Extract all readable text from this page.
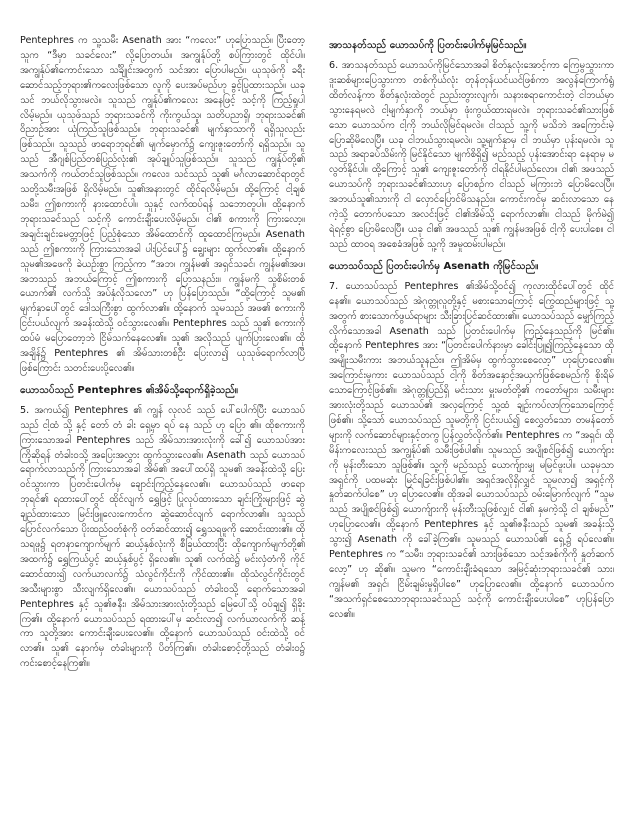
Pentephres က သူ့သမီး Asenath အား “ကလေး” ဟုပြောသည်။ ပြီးတော့ သူက “ဒီမှာ သခင်လေး” လို့ပြောတယ်။ အကျွန်ုပ်တို့ စပ်ကြားတွင် ထိုင်ပါ။ အကျွန်ုပ်၏ကောင်းသော သင်္ချိုင်းအတွက် သင်အား ပြောပါမည်။ ယုသုဖ်ကို ခရီးဆောင်သည့်ဘုရား၏ကလေးဖြစ်သော လူကို ပေးအပ်မည်ဟု ခွင့်ပြုထားသည်။ ယခု သင် ဘယ်လိုသွားမလဲ။ သူသည် ကျွန်ုပ်၏ကလေး အနေဖြင့် သင့်ကို ကြည့်ရှုပါလိမ့်မည်။ ယုသုဖ်သည် ဘုရားသခင်ကို ကိုးကွယ်သူ၊ သတိပညာရှိ၊ ဘုရားသခင်၏ ဝိညာဉ်အား ယုံကြည်သူဖြစ်သည်။ ဘုရားသခင်၏ မျက်နှာသာကို ရရှိသူလည်းဖြစ်သည်။ သူသည် ဖာရောဘုရင်၏ မျက်မှောက်၌ ကျေးဇူးတော်ကို ရရှိသည်။ သူသည် အီဂျစ်ပြည်တစ်ပြည်လုံး၏ အုပ်ချုပ်သူဖြစ်သည်။ သူသည် ကျွန်ုပ်တို့၏ အသက်ကို ကယ်တင်သူဖြစ်သည်။ ကလေး၊ သင်သည် သူ၏ မင်္ဂလာဆောင်ရာတွင် သတို့သမီးအဖြစ် ရှိလိမ့်မည်။ သူ၏အနားတွင် ထိုင်ရလိမ့်မည်။ ထို့ကြောင့် ငါ့ချစ်သမီး၊ ဤစကားကို နားထောင်ပါ။ သူနှင့် လက်ထပ်ရန် သဘောတူပါ။ ထို့နောက် ဘုရားသခင်သည် သင့်ကို ကောင်းချီးပေးလိမ့်မည်။ ငါ၏ စကားကို ကြားလော့။ အချင်းချင်းမေတ္တာဖြင့် ပြည့်စုံသော အိမ်ထောင်ကို ထူထောင်ကြမည်။ Asenath သည် ဤစကားကို ကြားသောအခါ ပါးပြင်ပေါ်၌ ချွေးများ ထွက်လာ၏။ ထို့နောက် သူမ၏အဖေကို ခဲယဉ်းစွာ ကြည့်ကာ “အဘ၊ ကျွန်မ၏ အရှင်သခင်၊ ကျွန်မ၏အဖ၊ အဘသည် အဘယ်ကြောင့် ဤစကားကို ပြောသနည်း။ ကျွန်မကို သူစိမ်းတစ်ယောက်၏ လက်သို့ အပ်နှံလိုသလော” ဟု ပြန်ပြောသည်။ “ထို့ကြောင့် သူမ၏ မျက်နှာပေါ်တွင် ဒေါသကြီးစွာ ထွက်လာ၏။ ထို့နောက် သူမသည် အဖ၏ စကားကို ငြင်းပယ်လျက် အခန်းထဲသို့ ဝင်သွားလေ၏။ Pentephres သည် သူ၏ စကားကို ထပ်မံ မပြောတော့ဘဲ ငြိမ်သက်နေလေ၏။ သူ၏ အလိုသည် ပျက်ပြားလေ၏။ ထိုအချိန်၌ Pentephres ၏ အိမ်သားတစ်ဦး ပြေးလာ၍ ယုသုဖ်ရောက်လာပြီဖြစ်ကြောင်း သတင်းပေးပို့လေ၏။

ယောသပ်သည် Pentephres ၏အိမ်သို့ရောက်ရှိခဲ့သည်။

5. အကယ်၍ Pentephres ၏ ကျွန် လုလင် သည် ပေါ်ပေါက်ပြီး ယောသပ် သည် ငါ့ထံ သို့ နှင့် တော် တံ ခါး ရှေ့မှာ ရပ် နေ သည် ဟု ပြော ၏။ ထိုစကားကို ကြားသောအခါ Pentephres သည် အိမ်သားအားလုံးကို ခေါ်၍ ယောသပ်အား ကြိုဆိုရန် တံခါးဝသို့ အပြေးအလွှား ထွက်သွားလေ၏။ Asenath သည် ယောသပ် ရောက်လာသည်ကို ကြားသောအခါ အိမ်၏ အပေါ်ထပ်ရှိ သူမ၏ အခန်းထဲသို့ ပြေးဝင်သွားကာ ပြတင်းပေါက်မှ ချောင်းကြည့်နေလေ၏။ ယောသပ်သည် ဖာရောဘုရင်၏ ရထားပေါ်တွင် ထိုင်လျက် ရွှေဖြင့် ပြုလုပ်ထားသော ချင်းကြိုးများဖြင့် ဆွဲချည်ထားသော မြင်းဖြူလေးကောင်က ဆွဲဆောင်လျက် ရောက်လာ၏။ သူသည် ပြောင်လက်သော ပိုးထည်ဝတ်စုံကို ဝတ်ဆင်ထား၍ ရွှေသရဖူကို ဆောင်းထား၏။ ထိုသရဖူ၌ ရတနာကျောက်မျက် ဆယ့်နှစ်လုံးကို စီခြယ်ထားပြီး ထိုကျောက်မျက်တို့၏ အထက်၌ ရွှေကြယ်ပွင့် ဆယ့်နှစ်ပွင့် ရှိလေ၏။ သူ၏ လက်ထဲ၌ မင်းလှံတံကို ကိုင်ဆောင်ထား၍ လက်ယာလက်၌ သံလွင်ကိုင်းကို ကိုင်ထား၏။ ထိုသံလွင်ကိုင်းတွင် အသီးများစွာ သီးလျက်ရှိလေ၏။ ယောသပ်သည် တံခါးဝသို့ ရောက်သောအခါ Pentephres နှင့် သူ၏ဇနီး၊ အိမ်သားအားလုံးတို့သည် မြေပေါ်သို့ ဝပ်ချ၍ ရှိခိုးကြ၏။ ထို့နောက် ယောသပ်သည် ရထားပေါ်မှ ဆင်းလာ၍ လက်ယာလက်ကို ဆန့်ကာ သူတို့အား ကောင်းချီးပေးလေ၏။ ထို့နောက် ယောသပ်သည် ဝင်းထဲသို့ ဝင်လာ၏။ သူ၏ နောက်မှ တံခါးများကို ပိတ်ကြ၏။ တံခါးစောင့်တို့သည် တံခါးဝ၌ ကင်းစောင့်နေကြ၏။

အာသနတ်သည် ယောသပ်ကို ပြတင်းပေါက်မှမြင်သည်။

6. အာသနတ်သည် ယောသပ်ကိုမြင်သောအခါ စိတ်နှလုံးအောင့်ကာ ကြေမွသွားကာ ဒူးဆစ်များပြေသွားကာ တစ်ကိုယ်လုံး တုန်တုန်ယင်ယင်ဖြစ်ကာ အလွန်ကြောက်ရွံ့ထိတ်လန့်ကာ စိတ်နှလုံးထဲတွင် ညည်းတွားလျက်၊ သနားစရာကောင်းတဲ့ ငါဘယ်မှာ သွားနေရမလဲ ငါ့မျက်နှာကို ဘယ်မှာ ဖုံးကွယ်ထားရမလဲ။ ဘုရားသခင်၏သားဖြစ်သော ယောသပ်က ငါ့ကို ဘယ်လိုမြင်ရမလဲ။ ငါသည် သူ့ကို မသိဘဲ အကြောင်းမဲ့ ပြောဆိုမိလေပြီ။ ယခု ငါဘယ်သွားရမလဲ။ သူ့မျက်နှာမှ ငါ ဘယ်မှာ ပုန်းရမလဲ။ သူသည် အရာခပ်သိမ်းကို မြင်နိုင်သော မျက်စိရှိ၍ မည်သည့် ပုန်းအောင်းရာ နေရာမှ မလွတ်နိုင်ပါ။ ထို့ကြောင့် သူ၏ ကျေးဇူးတော်ကို ငါရနိုင်ပါမည်လော။ ငါ၏ အဖသည် ယောသပ်ကို ဘုရားသခင်၏သားဟု ပြောစဉ်က ငါသည် မကြားဘဲ ပြောမိလေပြီ။ အဘယ်သူ၏သားကို ငါ လှောင်ပြောင်မိသနည်း။ ကောင်းကင်မှ ဆင်းလာသော နေကဲ့သို့ တောက်ပသော အလင်းဖြင့် ငါ၏အိမ်သို့ ရောက်လာ၏။ ငါသည် မိုက်မဲ၍ ရဲရင့်စွာ ပြောမိလေပြီ။ ယခု ငါ၏ အဖသည် သူ၏ ကျွန်မအဖြစ် ငါ့ကို ပေးပါစေ။ ငါသည် ထာဝရ အစေခံအဖြစ် သူ့ကို အမှုထမ်းပါမည်။

ယောသပ်သည် ပြတင်းပေါက်မှ Asenath ကိုမြင်သည်။

7. ယောသပ်သည် Pentephres ၏အိမ်သို့ဝင်၍ ကုလားထိုင်ပေါ်တွင် ထိုင်နေ၏။ ယောသပ်သည် အဲဂုတ္တုလူတို့နှင့် မစားသောကြောင့် ကြွေထည်များဖြင့် သူ့အတွက် စားသောက်ဖွယ်ရာများ သီးခြားပြင်ဆင်ထား၏။ ယောသပ်သည် မျှော်ကြည့်လိုက်သောအခါ Asenath သည် ပြတင်းပေါက်မှ ကြည့်နေသည်ကို မြင်၏။ ထို့နောက် Pentephres အား “ပြတင်းပေါက်နားမှာ ခေါင်းပြူ၍ကြည့်နေသော ထိုအမျိုးသမီးကား အဘယ်သူနည်း။ ဤအိမ်မှ ထွက်သွားစေလော့” ဟုပြောလေ၏။ အကြောင်းမှုကား ယောသပ်သည် ငါ့ကို စိတ်အနှောင့်အယှက်ဖြစ်စေမည်ကို စိုးရိမ်သောကြောင့်ဖြစ်၏။ အဲဂုတ္တုပြည်ရှိ မင်းသား မှူးမတ်တို့၏ ကတော်များ၊ သမီးများအားလုံးတို့သည် ယောသပ်၏ အလှကြောင့် သူ့ထံ ချဉ်းကပ်လာကြသောကြောင့် ဖြစ်၏။ သို့သော် ယောသပ်သည် သူမတို့ကို ငြင်းပယ်၍ စေလွှတ်သော တမန်တော်များကို လက်ဆောင်များနှင့်တကွ ပြန်လွှတ်လိုက်၏။ Pentephres က “အရှင်၊ ထိုမိန်းကလေးသည် အကျွန်ုပ်၏ သမီးဖြစ်ပါ၏။ သူမသည် အပျိုစင်ဖြစ်၍ ယောက်ျားကို မုန်းတီးသော သူဖြစ်၏။ သူ့ကို မည်သည့် ယောက်ျားမျှ မမြင်ဖူးပါ။ ယခုမှသာ အရှင်ကို ပထမဆုံး မြင်ရခြင်းဖြစ်ပါ၏။ အရှင်အလိုရှိလျှင် သူမလာ၍ အရှင့်ကို နှုတ်ဆက်ပါစေ” ဟု ပြောလေ၏။ ထိုအခါ ယောသပ်သည် ဝမ်းမြောက်လျက် “သူမသည် အပျိုစင်ဖြစ်၍ ယောက်ျားကို မုန်းတီးသူဖြစ်လျှင် ငါ၏ နှမကဲ့သို့ ငါ ချစ်မည်” ဟုပြောလေ၏။ ထို့နောက် Pentephres နှင့် သူ၏ဇနီးသည် သူမ၏ အခန်းသို့ သွား၍ Asenath ကို ခေါ်ခဲ့ကြ၏။ သူမသည် ယောသပ်၏ ရှေ့၌ ရပ်လေ၏။ Pentephres က “သမီး၊ ဘုရားသခင်၏ သားဖြစ်သော သင့်အစ်ကိုကို နှုတ်ဆက်လော့” ဟု ဆို၏။ သူမက “ကောင်းချီးခံရသော အမြင့်ဆုံးဘုရားသခင်၏ သား၊ ကျွန်မ၏ အရှင်၊ ငြိမ်းချမ်းမှုရှိပါစေ” ဟုပြောလေ၏။ ထို့နောက် ယောသပ်က “အသက်ရှင်စေသောဘုရားသခင်သည် သင့်ကို ကောင်းချီးပေးပါစေ” ဟုပြန်ပြောလေ၏။
